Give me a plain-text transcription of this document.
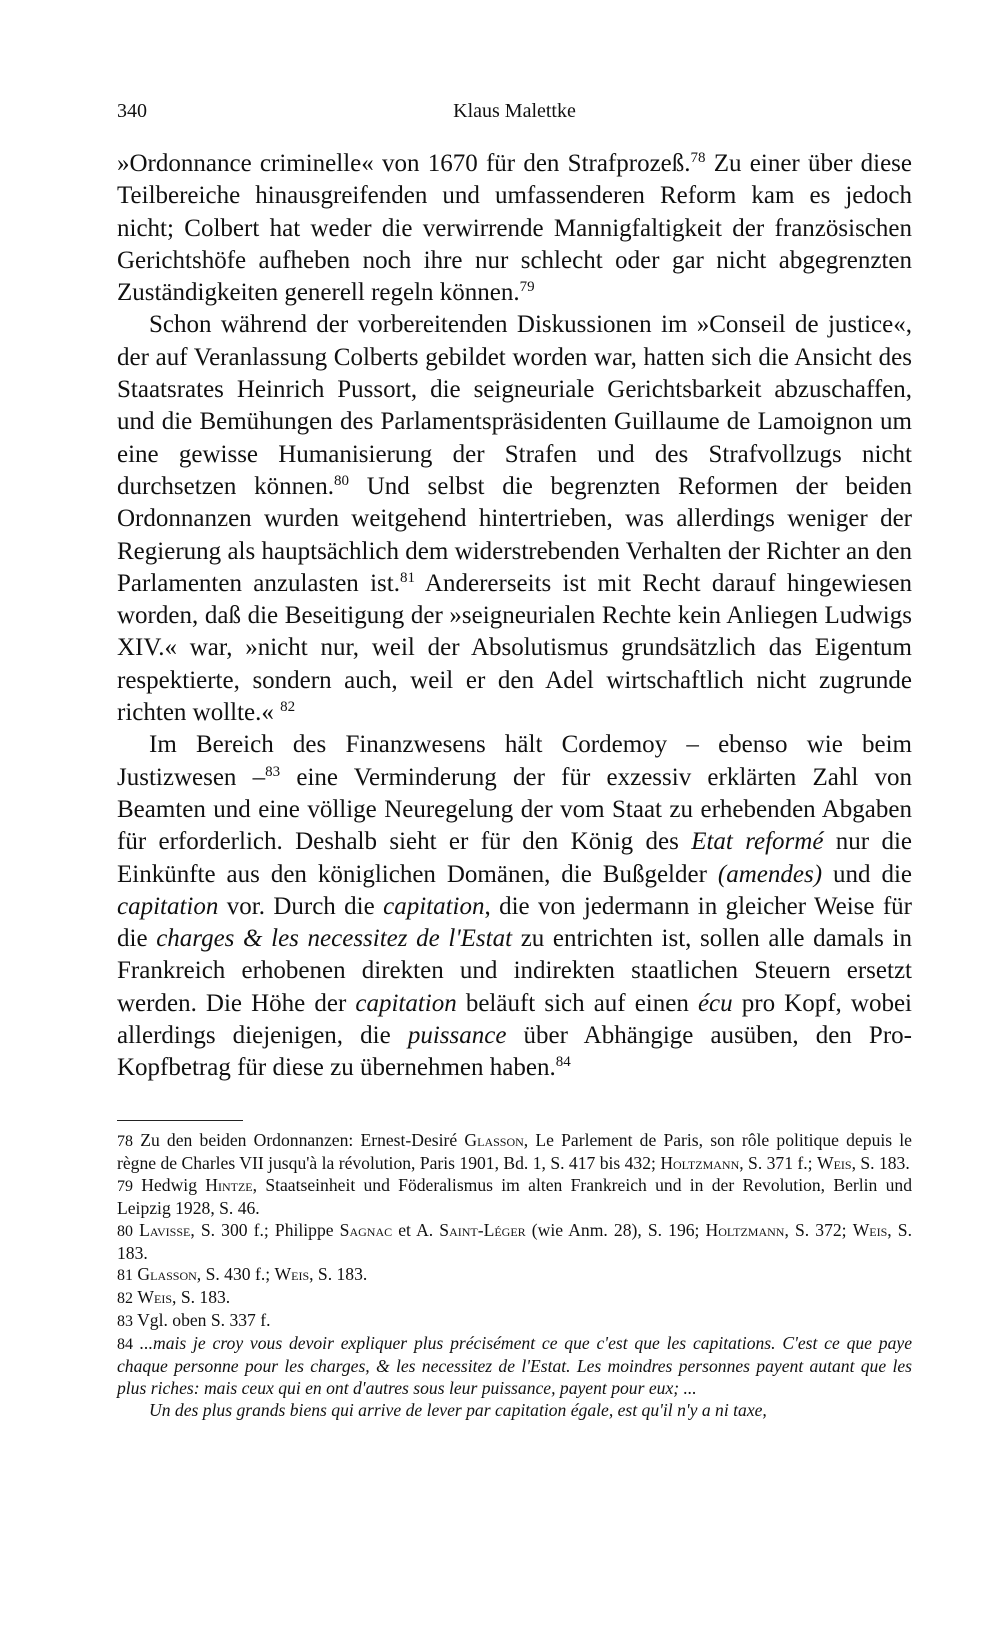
340	Klaus Malettke

»Ordonnance criminelle« von 1670 für den Strafprozeß.$^{78}$ Zu einer über diese Teilbereiche hinausgreifenden und umfassenderen Reform kam es jedoch nicht; Colbert hat weder die verwirrende Mannigfaltigkeit der französischen Gerichtshöfe aufheben noch ihre nur schlecht oder gar nicht abgegrenzten Zuständigkeiten generell regeln können.$^{79}$

Schon während der vorbereitenden Diskussionen im »Conseil de justice«, der auf Veranlassung Colberts gebildet worden war, hatten sich die Ansicht des Staatsrates Heinrich Pussort, die seigneuriale Gerichtsbarkeit abzuschaffen, und die Bemühungen des Parlamentspräsidenten Guillaume de Lamoignon um eine gewisse Humanisierung der Strafen und des Strafvollzugs nicht durchsetzen können.$^{80}$ Und selbst die begrenzten Reformen der beiden Ordonnanzen wurden weitgehend hintertrieben, was allerdings weniger der Regierung als hauptsächlich dem widerstrebenden Verhalten der Richter an den Parlamenten anzulasten ist.$^{81}$ Andererseits ist mit Recht darauf hingewiesen worden, daß die Beseitigung der »seigneurialen Rechte kein Anliegen Ludwigs XIV.« war, »nicht nur, weil der Absolutismus grundsätzlich das Eigentum respektierte, sondern auch, weil er den Adel wirtschaftlich nicht zugrunde richten wollte.« $^{82}$

Im Bereich des Finanzwesens hält Cordemoy – ebenso wie beim Justizwesen –$^{83}$ eine Verminderung der für exzessiv erklärten Zahl von Beamten und eine völlige Neuregelung der vom Staat zu erhebenden Abgaben für erforderlich. Deshalb sieht er für den König des Etat reformé nur die Einkünfte aus den königlichen Domänen, die Bußgelder (amendes) und die capitation vor. Durch die capitation, die von jedermann in gleicher Weise für die charges & les necessitez de l'Estat zu entrichten ist, sollen alle damals in Frankreich erhobenen direkten und indirekten staatlichen Steuern ersetzt werden. Die Höhe der capitation beläuft sich auf einen écu pro Kopf, wobei allerdings diejenigen, die puissance über Abhängige ausüben, den Pro-Kopfbetrag für diese zu übernehmen haben.$^{84}$

78 Zu den beiden Ordonnanzen: Ernest-Desiré Glasson, Le Parlement de Paris, son rôle politique depuis le règne de Charles VII jusqu'à la révolution, Paris 1901, Bd. 1, S. 417 bis 432; Holtzmann, S. 371 f.; Weis, S. 183.

79 Hedwig Hintze, Staatseinheit und Föderalismus im alten Frankreich und in der Revolution, Berlin und Leipzig 1928, S. 46.

80 Lavisse, S. 300 f.; Philippe Sagnac et A. Saint-Léger (wie Anm. 28), S. 196; Holtzmann, S. 372; Weis, S. 183.

81 Glasson, S. 430 f.; Weis, S. 183.

82 Weis, S. 183.

83 Vgl. oben S. 337 f.

84 ...mais je croy vous devoir expliquer plus précisément ce que c'est que les capitations. C'est ce que paye chaque personne pour les charges, & les necessitez de l'Estat. Les moindres personnes payent autant que les plus riches: mais ceux qui en ont d'autres sous leur puissance, payent pour eux; ...

Un des plus grands biens qui arrive de lever par capitation égale, est qu'il n'y a ni taxe,
